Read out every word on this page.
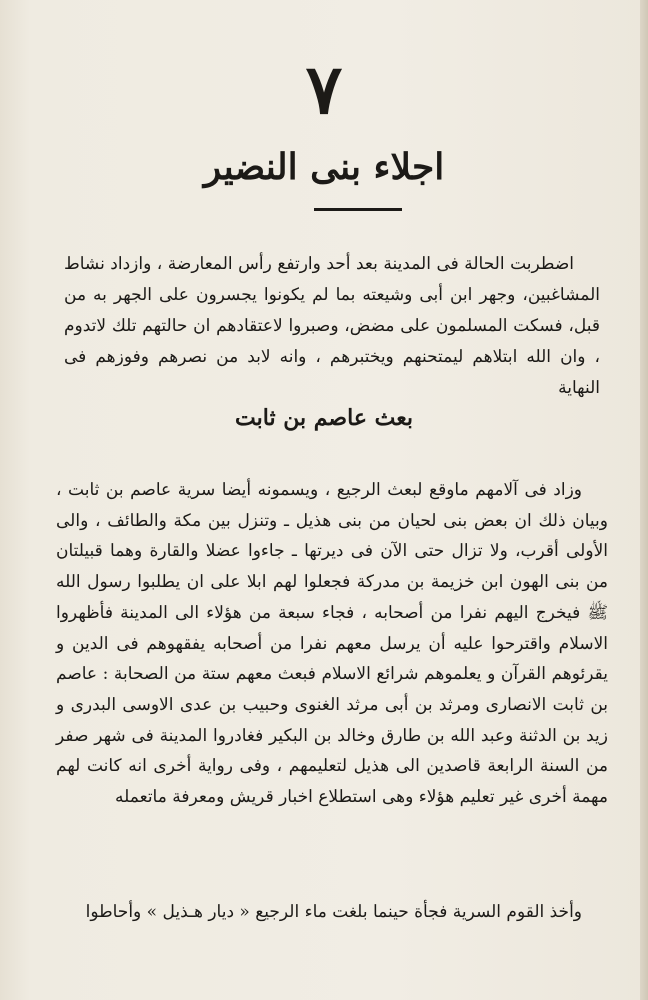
٧
اجلاء بنى النضير

اضطربت الحالة فى المدينة بعد أحد وارتفع رأس المعارضة ، وازداد نشاط المشاغبين، وجهر ابن أبى وشيعته بما لم يكونوا يجسرون على الجهر به من قبل، فسكت المسلمون على مضض، وصبروا لاعتقادهم ان حالتهم تلك لاتدوم ، وان الله ابتلاهم ليمتحنهم ويختبرهم ، وانه لابد من نصرهم وفوزهم فى النهاية

بعث عاصم بن ثابت

وزاد فى آلامهم ماوقع لبعث الرجيع ، ويسمونه أيضا سرية عاصم بن ثابت ، وبيان ذلك ان بعض بنى لحيان من بنى هذيل ـ وتنزل بين مكة والطائف ، والى الأولى أقرب، ولا تزال حتى الآن فى ديرتها ـ جاءوا عضلا والقارة وهما قبيلتان من بنى الهون ابن خزيمة بن مدركة فجعلوا لهم ابلا على ان يطلبوا رسول الله ﷺ فيخرج اليهم نفرا من أصحابه ، فجاء سبعة من هؤلاء الى المدينة فأظهروا الاسلام واقترحوا عليه أن يرسل معهم نفرا من أصحابه يفقهوهم فى الدين و يقرئوهم القرآن و يعلموهم شرائع الاسلام فبعث معهم ستة من الصحابة : عاصم بن ثابت الانصارى ومرثد بن أبى مرثد الغنوى وحبيب بن عدى الاوسى البدرى و زيد بن الدثنة وعبد الله بن طارق وخالد بن البكير فغادروا المدينة فى شهر صفر من السنة الرابعة قاصدين الى هذيل لتعليمهم ، وفى رواية أخرى انه كانت لهم مهمة أخرى غير تعليم هؤلاء وهى استطلاع اخبار قريش ومعرفة ماتعمله

وأخذ القوم السرية فجأة حينما بلغت ماء الرجيع « ديار هـذيل » وأحاطوا
